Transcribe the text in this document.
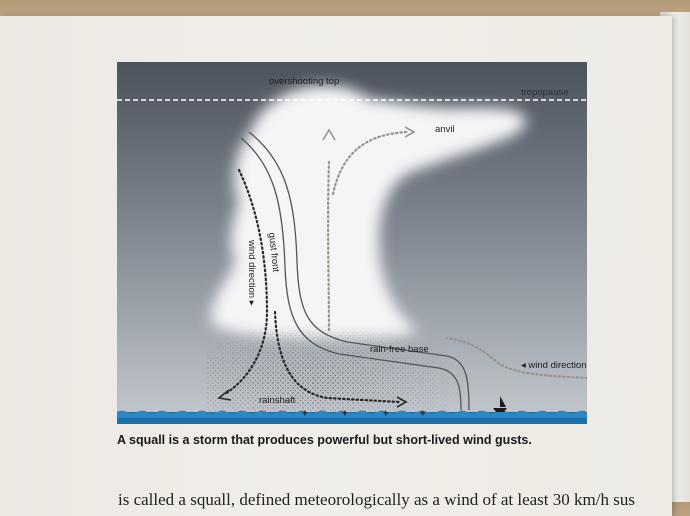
+	+	+	+
overshooting top
tropopause
anvil
gust front
wind direction ▸
rain-free base
◂ wind direction
rainshaft
A squall is a storm that produces powerful but short-lived wind gusts.
is called a squall, defined meteorologically as a wind of at least 30 km/h sus
